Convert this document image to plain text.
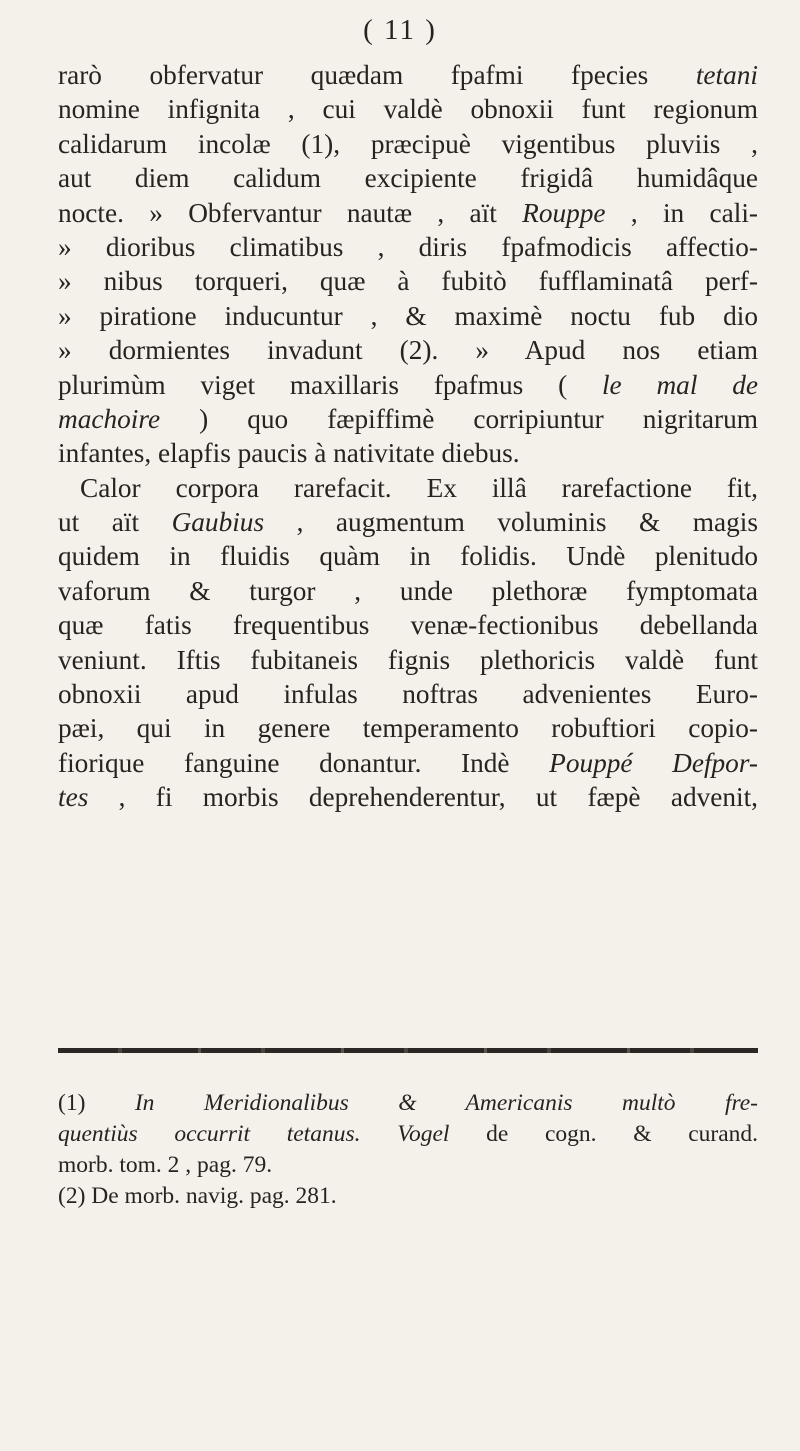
( 11 )
rarò obfervatur quædam fpafmi fpecies tetani
nomine infignita , cui valdè obnoxii funt regionum
calidarum incolæ (1), præcipuè vigentibus pluviis ,
aut diem calidum excipiente frigidâ humidâque
nocte. » Obfervantur nautæ , aït Rouppe , in cali-
» dioribus climatibus , diris fpafmodicis affectio-
» nibus torqueri, quæ à fubitò fufflaminatâ perf-
» piratione inducuntur , & maximè noctu fub dio
» dormientes invadunt (2). » Apud nos etiam
plurimùm viget maxillaris fpafmus ( le mal de
machoire ) quo fæpiffimè corripiuntur nigritarum
infantes, elapfis paucis à nativitate diebus.
Calor corpora rarefacit. Ex illâ rarefactione fit,
ut aït Gaubius , augmentum voluminis & magis
quidem in fluidis quàm in folidis. Undè plenitudo
vaforum & turgor , unde plethoræ fymptomata
quæ fatis frequentibus venæ-fectionibus debellanda
veniunt. Iftis fubitaneis fignis plethoricis valdè funt
obnoxii apud infulas noftras advenientes Euro-
pæi, qui in genere temperamento robuftiori copio-
fiorique fanguine donantur. Indè Pouppé Defpor-
tes , fi morbis deprehenderentur, ut fæpè advenit,
(1) In Meridionalibus & Americanis multò fre-
quentiùs occurrit tetanus. Vogel de cogn. & curand.
morb. tom. 2 , pag. 79.
(2) De morb. navig. pag. 281.
